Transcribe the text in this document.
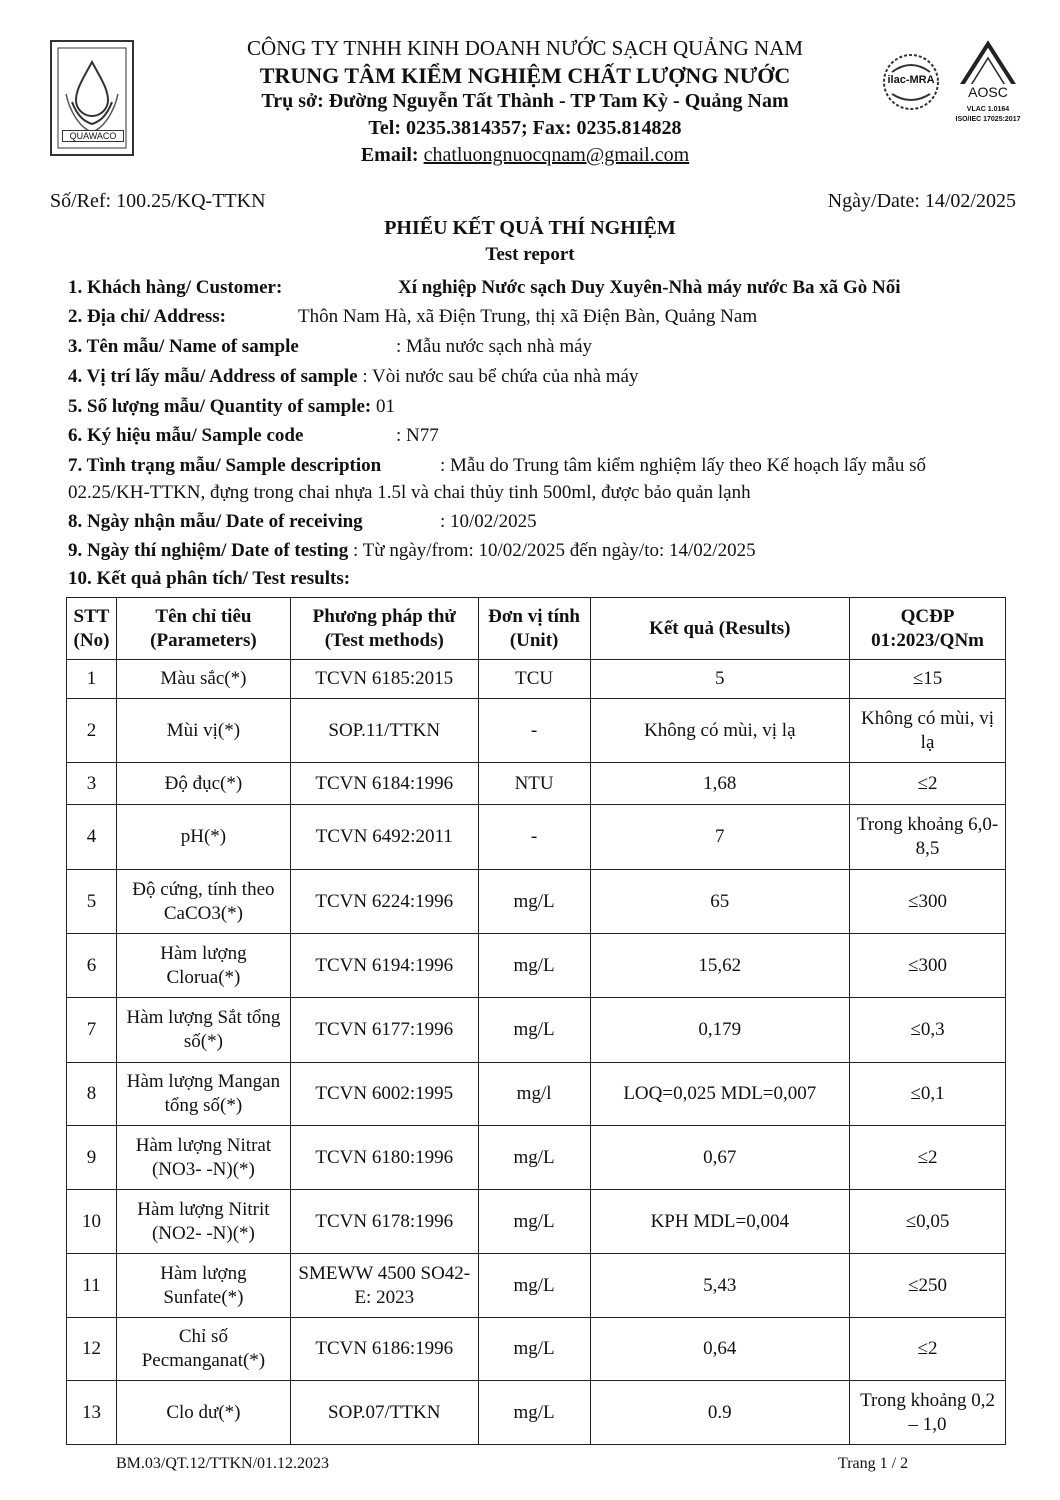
QUAWACO
ilac-MRA
AOSC
VLAC 1.0164
ISO/IEC 17025:2017
CÔNG TY TNHH KINH DOANH NƯỚC SẠCH QUẢNG NAM
TRUNG TÂM KIỂM NGHIỆM CHẤT LƯỢNG NƯỚC
Trụ sở: Đường Nguyễn Tất Thành - TP Tam Kỳ - Quảng Nam
Tel: 0235.3814357; Fax: 0235.814828
Email: chatluongnuocqnam@gmail.com
Số/Ref: 100.25/KQ-TTKN	Ngày/Date: 14/02/2025
PHIẾU KẾT QUẢ THÍ NGHIỆM
Test report
1. Khách hàng/ Customer:	Xí nghiệp Nước sạch Duy Xuyên-Nhà máy nước Ba xã Gò Nổi
2. Địa chỉ/ Address:	Thôn Nam Hà, xã Điện Trung, thị xã Điện Bàn, Quảng Nam
3. Tên mẫu/ Name of sample	: Mẫu nước sạch nhà máy
4. Vị trí lấy mẫu/ Address of sample : Vòi nước sau bể chứa của nhà máy
5. Số lượng mẫu/ Quantity of sample: 01
6. Ký hiệu mẫu/ Sample code	: N77
7. Tình trạng mẫu/ Sample description	: Mẫu do Trung tâm kiểm nghiệm lấy theo Kế hoạch lấy mẫu số
02.25/KH-TTKN, đựng trong chai nhựa 1.5l và chai thủy tinh 500ml, được bảo quản lạnh
8. Ngày nhận mẫu/ Date of receiving	: 10/02/2025
9. Ngày thí nghiệm/ Date of testing : Từ ngày/from: 10/02/2025 đến ngày/to: 14/02/2025
10. Kết quả phân tích/ Test results:
STT (No)	Tên chỉ tiêu (Parameters)	Phương pháp thử (Test methods)	Đơn vị tính (Unit)	Kết quả (Results)	QCĐP 01:2023/QNm
1	Màu sắc(*)	TCVN 6185:2015	TCU	5	≤15
2	Mùi vị(*)	SOP.11/TTKN	-	Không có mùi, vị lạ	Không có mùi, vị lạ
3	Độ đục(*)	TCVN 6184:1996	NTU	1,68	≤2
4	pH(*)	TCVN 6492:2011	-	7	Trong khoảng 6,0-8,5
5	Độ cứng, tính theo CaCO3(*)	TCVN 6224:1996	mg/L	65	≤300
6	Hàm lượng Clorua(*)	TCVN 6194:1996	mg/L	15,62	≤300
7	Hàm lượng Sắt tổng số(*)	TCVN 6177:1996	mg/L	0,179	≤0,3
8	Hàm lượng Mangan tổng số(*)	TCVN 6002:1995	mg/l	LOQ=0,025 MDL=0,007	≤0,1
9	Hàm lượng Nitrat (NO3- -N)(*)	TCVN 6180:1996	mg/L	0,67	≤2
10	Hàm lượng Nitrit (NO2- -N)(*)	TCVN 6178:1996	mg/L	KPH MDL=0,004	≤0,05
11	Hàm lượng Sunfate(*)	SMEWW 4500 SO42- E: 2023	mg/L	5,43	≤250
12	Chỉ số Pecmanganat(*)	TCVN 6186:1996	mg/L	0,64	≤2
13	Clo dư(*)	SOP.07/TTKN	mg/L	0.9	Trong khoảng 0,2 – 1,0
BM.03/QT.12/TTKN/01.12.2023	Trang 1 / 2
